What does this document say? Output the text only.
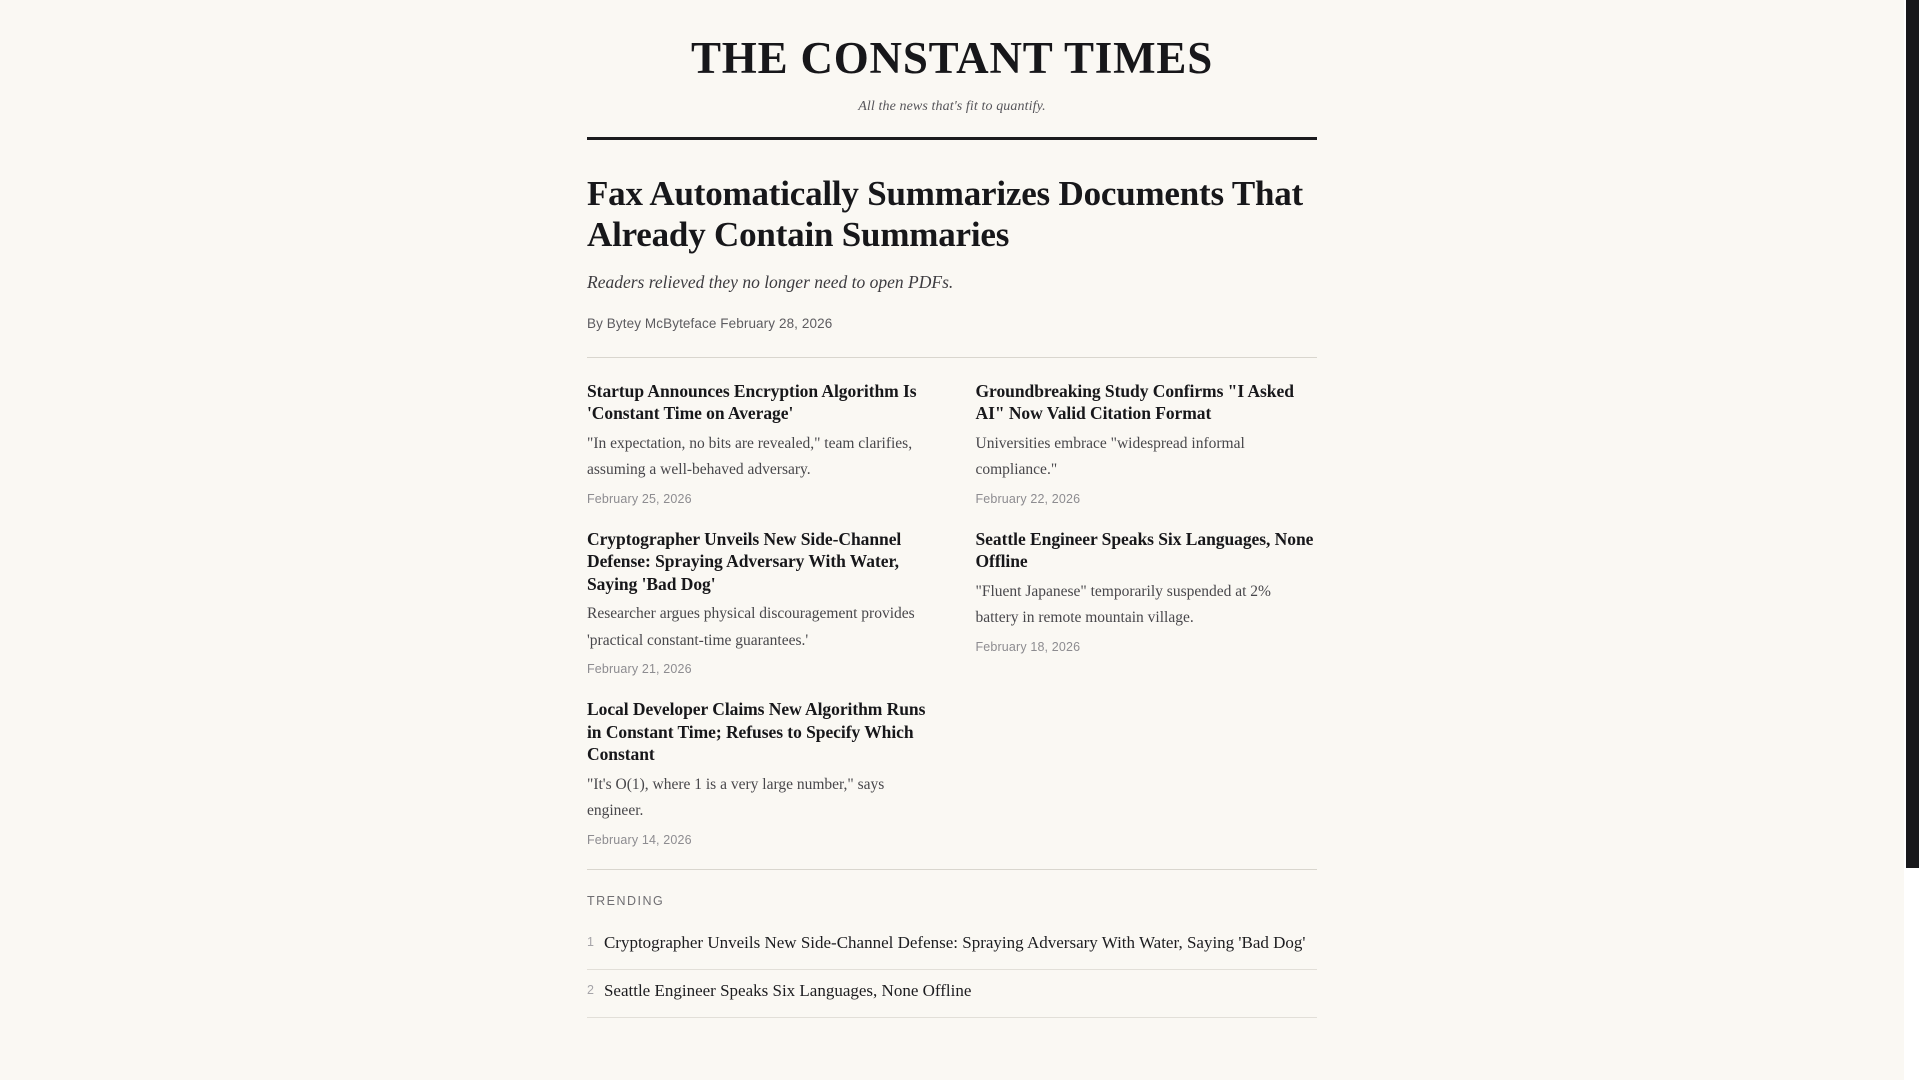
THE CONSTANT TIMES

All the news that's fit to quantify.

Fax Automatically Summarizes Documents That Already Contain Summaries

Readers relieved they no longer need to open PDFs.

By Bytey McByteface February 28, 2026

Startup Announces Encryption Algorithm Is 'Constant Time on Average'

"In expectation, no bits are revealed," team clarifies, assuming a well-behaved adversary.

February 25, 2026

Cryptographer Unveils New Side-Channel Defense: Spraying Adversary With Water, Saying 'Bad Dog'

Researcher argues physical discouragement provides 'practical constant-time guarantees.'

February 21, 2026

Local Developer Claims New Algorithm Runs in Constant Time; Refuses to Specify Which Constant

"It's O(1), where 1 is a very large number," says engineer.

February 14, 2026

Groundbreaking Study Confirms "I Asked AI" Now Valid Citation Format

Universities embrace "widespread informal compliance."

February 22, 2026

Seattle Engineer Speaks Six Languages, None Offline

"Fluent Japanese" temporarily suspended at 2% battery in remote mountain village.

February 18, 2026

TRENDING

1 Cryptographer Unveils New Side-Channel Defense: Spraying Adversary With Water, Saying 'Bad Dog'

2 Seattle Engineer Speaks Six Languages, None Offline
